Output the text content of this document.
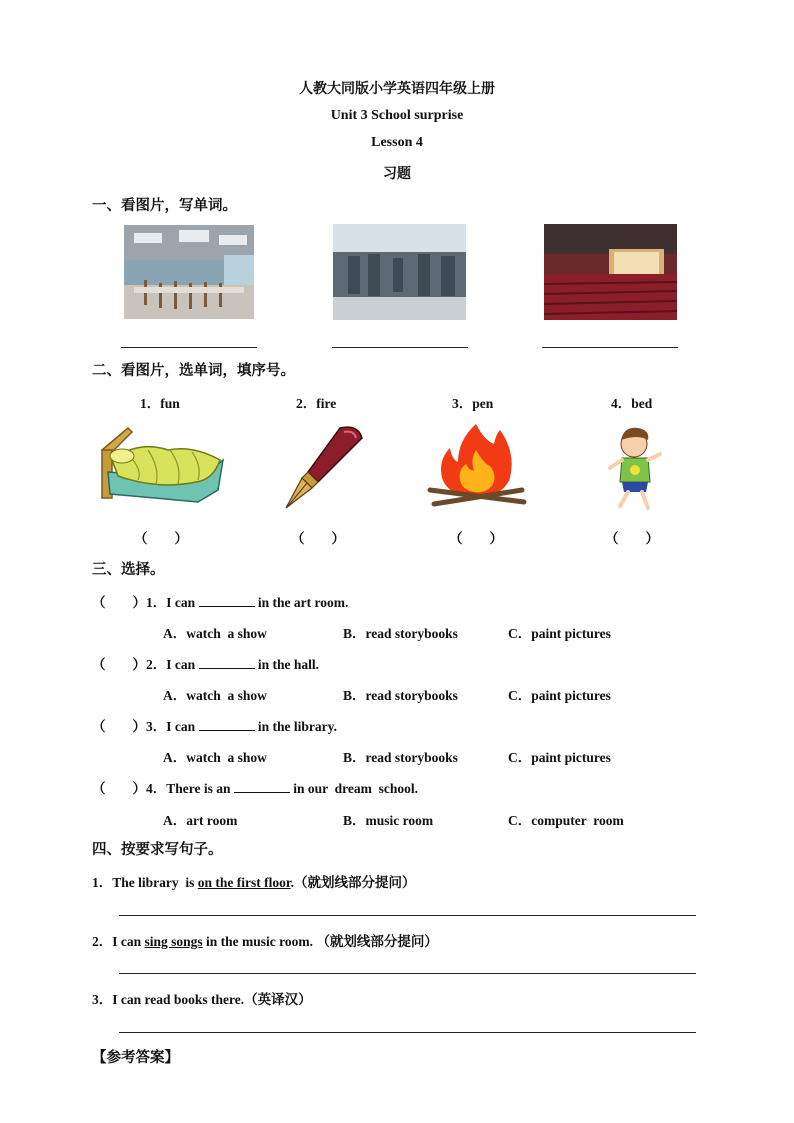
人教大同版小学英语四年级上册
Unit 3 School surprise
Lesson 4
习题
一、看图片，写单词。
二、看图片，选单词，填序号。
1．fun	2．fire	3．pen	4．bed
（　　）	（　　）	（　　）	（　　）
三、选择。
（　　）1．I can	in the art room.
A．watch  a show	B．read storybooks	C．paint pictures
（　　）2．I can	in the hall.
A．watch  a show	B．read storybooks	C．paint pictures
（　　）3．I can	in the library.
A．watch  a show	B．read storybooks	C．paint pictures
（　　）4．There is an	in our  dream  school.
A．art room	B．music room	C．computer  room
四、按要求写句子。
1．The library  is on the first floor.（就划线部分提问）
2．I can sing songs in the music room. （就划线部分提问）
3．I can read books there.（英译汉）
【参考答案】
